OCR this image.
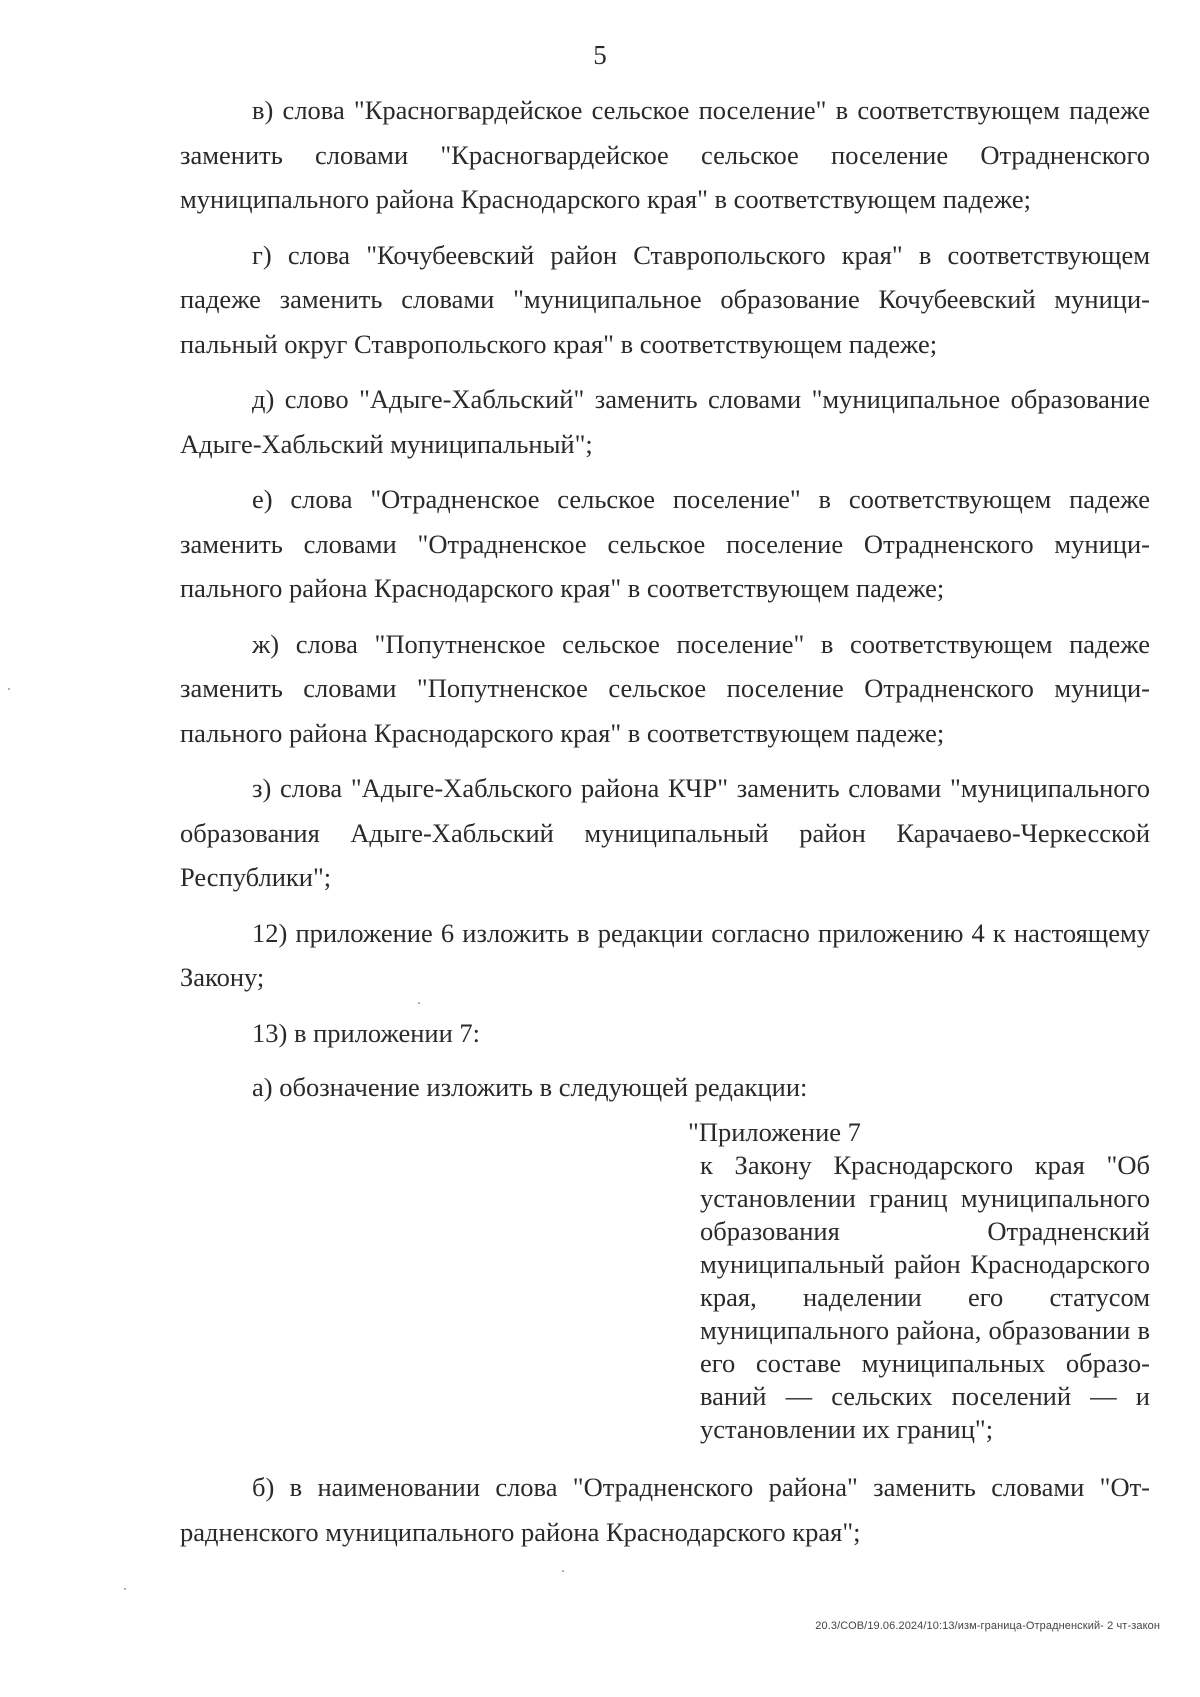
5

в) слова "Красногвардейское сельское поселение" в соответствующем падеже заменить словами "Красногвардейское сельское поселение Отрадненского муниципального района Краснодарского края" в соответствующем падеже;

г) слова "Кочубеевский район Ставропольского края" в соответствующем падеже заменить словами "муниципальное образование Кочубеевский муниципальный округ Ставропольского края" в соответствующем падеже;

д) слово "Адыге-Хабльский" заменить словами "муниципальное образование Адыге-Хабльский муниципальный";

е) слова "Отрадненское сельское поселение" в соответствующем падеже заменить словами "Отрадненское сельское поселение Отрадненского муниципального района Краснодарского края" в соответствующем падеже;

ж) слова "Попутненское сельское поселение" в соответствующем падеже заменить словами "Попутненское сельское поселение Отрадненского муниципального района Краснодарского края" в соответствующем падеже;

з) слова "Адыге-Хабльского района КЧР" заменить словами "муниципального образования Адыге-Хабльский муниципальный район Карачаево-Черкесской Республики";

12) приложение 6 изложить в редакции согласно приложению 4 к настоящему Закону;

13) в приложении 7:

а) обозначение изложить в следующей редакции:

"Приложение 7
к Закону Краснодарского края "Об установлении границ муниципального образования Отрадненский муниципальный район Краснодарского края, наделении его статусом муниципального района, образовании в его составе муниципальных образований — сельских поселений — и установлении их границ";

б) в наименовании слова "Отрадненского района" заменить словами "Отрадненского муниципального района Краснодарского края";

20.3/СОВ/19.06.2024/10:13/изм-граница-Отрадненский- 2 чт-закон
